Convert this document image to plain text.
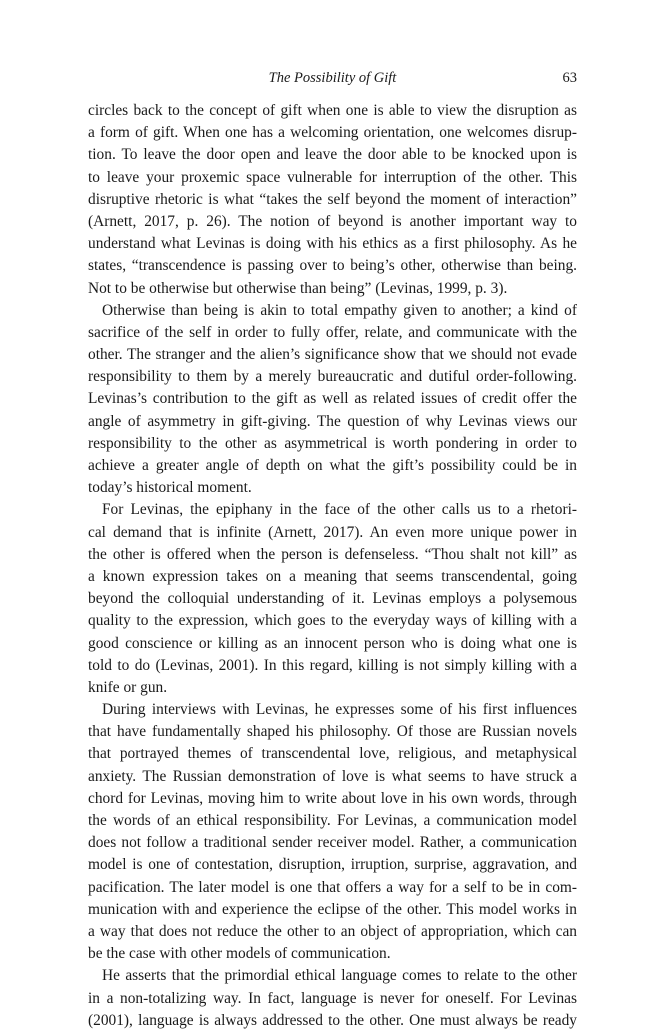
The Possibility of Gift	63
circles back to the concept of gift when one is able to view the disruption as
a form of gift. When one has a welcoming orientation, one welcomes disrup-
tion. To leave the door open and leave the door able to be knocked upon is
to leave your proxemic space vulnerable for interruption of the other. This
disruptive rhetoric is what “takes the self beyond the moment of interaction”
(Arnett, 2017, p. 26). The notion of beyond is another important way to
understand what Levinas is doing with his ethics as a first philosophy. As he
states, “transcendence is passing over to being’s other, otherwise than being.
Not to be otherwise but otherwise than being” (Levinas, 1999, p. 3).
Otherwise than being is akin to total empathy given to another; a kind of
sacrifice of the self in order to fully offer, relate, and communicate with the
other. The stranger and the alien’s significance show that we should not evade
responsibility to them by a merely bureaucratic and dutiful order-following.
Levinas’s contribution to the gift as well as related issues of credit offer the
angle of asymmetry in gift-giving. The question of why Levinas views our
responsibility to the other as asymmetrical is worth pondering in order to
achieve a greater angle of depth on what the gift’s possibility could be in
today’s historical moment.
For Levinas, the epiphany in the face of the other calls us to a rhetori-
cal demand that is infinite (Arnett, 2017). An even more unique power in
the other is offered when the person is defenseless. “Thou shalt not kill” as
a known expression takes on a meaning that seems transcendental, going
beyond the colloquial understanding of it. Levinas employs a polysemous
quality to the expression, which goes to the everyday ways of killing with a
good conscience or killing as an innocent person who is doing what one is
told to do (Levinas, 2001). In this regard, killing is not simply killing with a
knife or gun.
During interviews with Levinas, he expresses some of his first influences
that have fundamentally shaped his philosophy. Of those are Russian novels
that portrayed themes of transcendental love, religious, and metaphysical
anxiety. The Russian demonstration of love is what seems to have struck a
chord for Levinas, moving him to write about love in his own words, through
the words of an ethical responsibility. For Levinas, a communication model
does not follow a traditional sender receiver model. Rather, a communication
model is one of contestation, disruption, irruption, surprise, aggravation, and
pacification. The later model is one that offers a way for a self to be in com-
munication with and experience the eclipse of the other. This model works in
a way that does not reduce the other to an object of appropriation, which can
be the case with other models of communication.
He asserts that the primordial ethical language comes to relate to the other
in a non-totalizing way. In fact, language is never for oneself. For Levinas
(2001), language is always addressed to the other. One must always be ready
